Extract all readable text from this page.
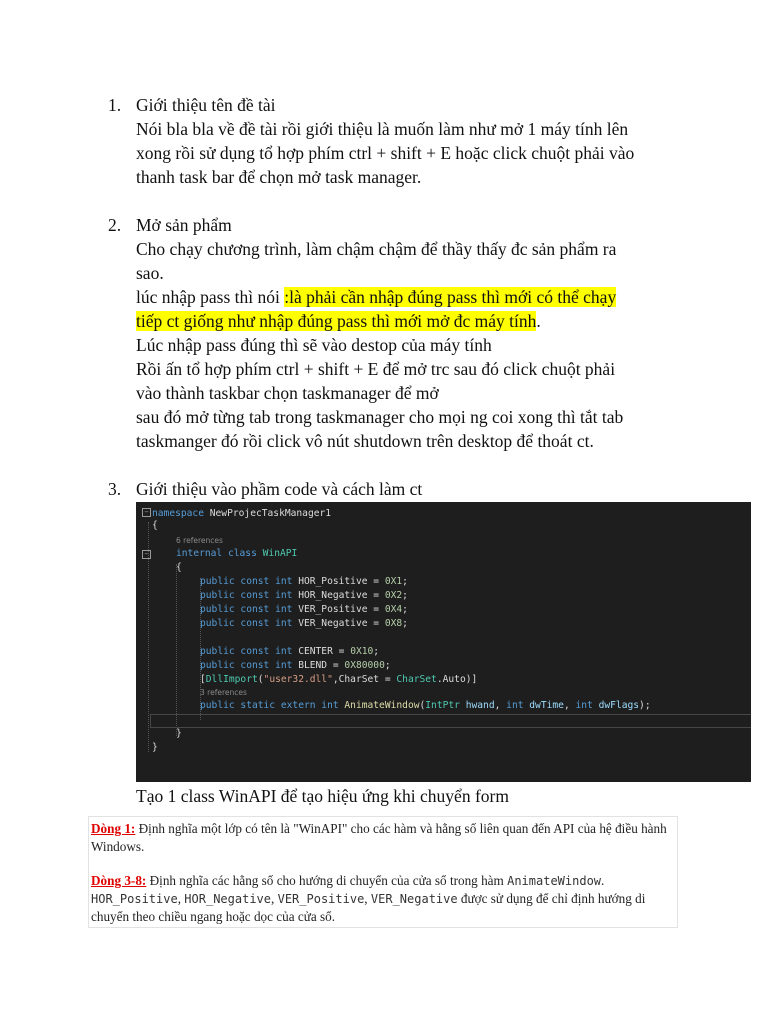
1. Giới thiệu tên đề tài

Nói bla bla về đề tài rồi giới thiệu là muốn làm như mở 1 máy tính lên

xong rồi sử dụng tổ hợp phím ctrl + shift + E hoặc click chuột phải vào

thanh task bar để chọn mở task manager.

2. Mở sản phẩm

Cho chạy chương trình, làm chậm chậm để thầy thấy đc sản phẩm ra

sao.

lúc nhập pass thì nói :là phải cần nhập đúng pass thì mới có thể chạy

tiếp ct giống như nhập đúng pass thì mới mở đc máy tính.

Lúc nhập pass đúng thì sẽ vào destop của máy tính

Rồi ấn tổ hợp phím ctrl + shift + E để mở trc sau đó click chuột phải

vào thành taskbar chọn taskmanager để mở

sau đó mở từng tab trong taskmanager cho mọi ng coi xong thì tắt tab

taskmanger đó rồi click vô nút shutdown trên desktop để thoát ct.

3. Giới thiệu vào phầm code và cách làm ct

−
−
namespace NewProjecTaskManager1
{
6 references
internal class WinAPI
{
public const int HOR_Positive = 0X1;
public const int HOR_Negative = 0X2;
public const int VER_Positive = 0X4;
public const int VER_Negative = 0X8;
public const int CENTER = 0X10;
public const int BLEND = 0X80000;
[DllImport("user32.dll",CharSet = CharSet.Auto)]
3 references
public static extern int AnimateWindow(IntPtr hwand, int dwTime, int dwFlags);
}
}
Tạo 1 class WinAPI để tạo hiệu ứng khi chuyển form

Dòng 1: Định nghĩa một lớp có tên là "WinAPI" cho các hàm và hằng số liên quan đến API của hệ điều hành Windows.

Dòng 3-8: Định nghĩa các hằng số cho hướng di chuyển của cửa sổ trong hàm AnimateWindow. HOR_Positive, HOR_Negative, VER_Positive, VER_Negative được sử dụng để chỉ định hướng di chuyển theo chiều ngang hoặc dọc của cửa sổ.
